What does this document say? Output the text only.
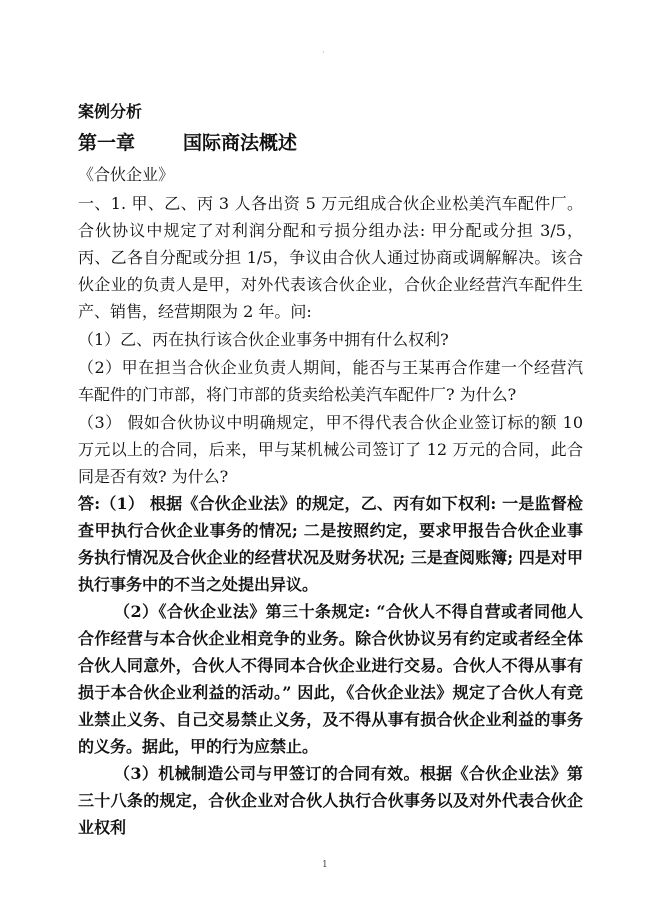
·
案例分析
第一章	国际商法概述
《合伙企业》

一、1. 甲、乙、丙 3 人各出资 5 万元组成合伙企业松美汽车配件厂。合伙协议中规定了对利润分配和亏损分组办法: 甲分配或分担 3/5，丙、乙各自分配或分担 1/5，争议由合伙人通过协商或调解解决。该合伙企业的负责人是甲，对外代表该合伙企业，合伙企业经营汽车配件生产、销售，经营期限为 2 年。问:

（1）乙、丙在执行该合伙企业事务中拥有什么权利?

（2）甲在担当合伙企业负责人期间，能否与王某再合作建一个经营汽车配件的门市部，将门市部的货卖给松美汽车配件厂? 为什么?

（3） 假如合伙协议中明确规定，甲不得代表合伙企业签订标的额 10 万元以上的合同，后来，甲与某机械公司签订了 12 万元的合同，此合同是否有效? 为什么?

答:（1） 根据《合伙企业法》的规定，乙、丙有如下权利: 一是监督检查甲执行合伙企业事务的情况; 二是按照约定，要求甲报告合伙企业事务执行情况及合伙企业的经营状况及财务状况; 三是查阅账簿; 四是对甲执行事务中的不当之处提出异议。

（2）《合伙企业法》第三十条规定: “合伙人不得自营或者同他人合作经营与本合伙企业相竞争的业务。除合伙协议另有约定或者经全体合伙人同意外，合伙人不得同本合伙企业进行交易。合伙人不得从事有损于本合伙企业利益的活动。” 因此，《合伙企业法》规定了合伙人有竞业禁止义务、自己交易禁止义务，及不得从事有损合伙企业利益的事务的义务。据此，甲的行为应禁止。

（3）机械制造公司与甲签订的合同有效。根据《合伙企业法》第三十八条的规定，合伙企业对合伙人执行合伙事务以及对外代表合伙企业权利

1
